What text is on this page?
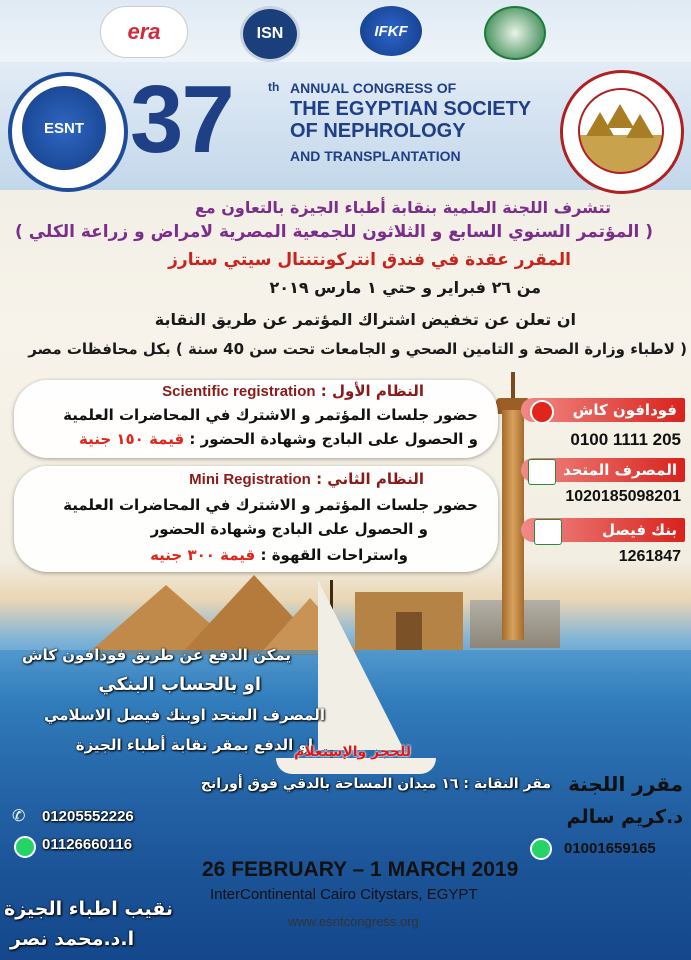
era	ISN	IFKF
ESNT 37	th ANNUAL CONGRESS OF
THE EGYPTIAN SOCIETY
OF NEPHROLOGY
AND TRANSPLANTATION
تتشرف اللجنة العلمية بنقابة أطباء الجيزة بالتعاون مع
( المؤتمر السنوي السابع و الثلاثون للجمعية المصرية لامراض و زراعة الكلي )
المقرر عقدة في فندق انتركونتنتال سيتي ستارز
من ٢٦ فبراير و حتي ١ مارس ٢٠١٩
ان تعلن عن تخفيض اشتراك المؤتمر عن طريق النقابة
( لاطباء وزارة الصحة و التامين الصحي و الجامعات تحت سن 40 سنة ) بكل محافظات مصر
النظام الأول : Scientific registration
حضور جلسات المؤتمر و الاشترك في المحاضرات العلمية
و الحصول على البادج وشهادة الحضور : قيمة ١٥٠ جنية
النظام الثاني : Mini Registration
حضور جلسات المؤتمر و الاشترك في المحاضرات العلمية
و الحصول على البادج وشهادة الحضور
واستراحات القهوة : قيمة ٣٠٠ جنيه
فودافون كاش
0100 1111 205
المصرف المتحد
1020185098201
بنك فيصل
1261847
يمكن الدفع عن طريق فودافون كاش
او بالحساب البنكي
المصرف المتحد اوبنك فيصل الاسلامي
او الدفع بمقر نقابة أطباء الجيزة
للحجز والإستعلام
مقر النقابة : ١٦ ميدان المساحة بالدقي فوق أورانج
✆ 01205552226
01126660116
مقرر اللجنة
د.كريم سالم
01001659165
26 FEBRUARY – 1 MARCH 2019
InterContinental Cairo Citystars, EGYPT
www.esntcongress.org
نقيب اطباء الجيزة
ا.د.محمد نصر
